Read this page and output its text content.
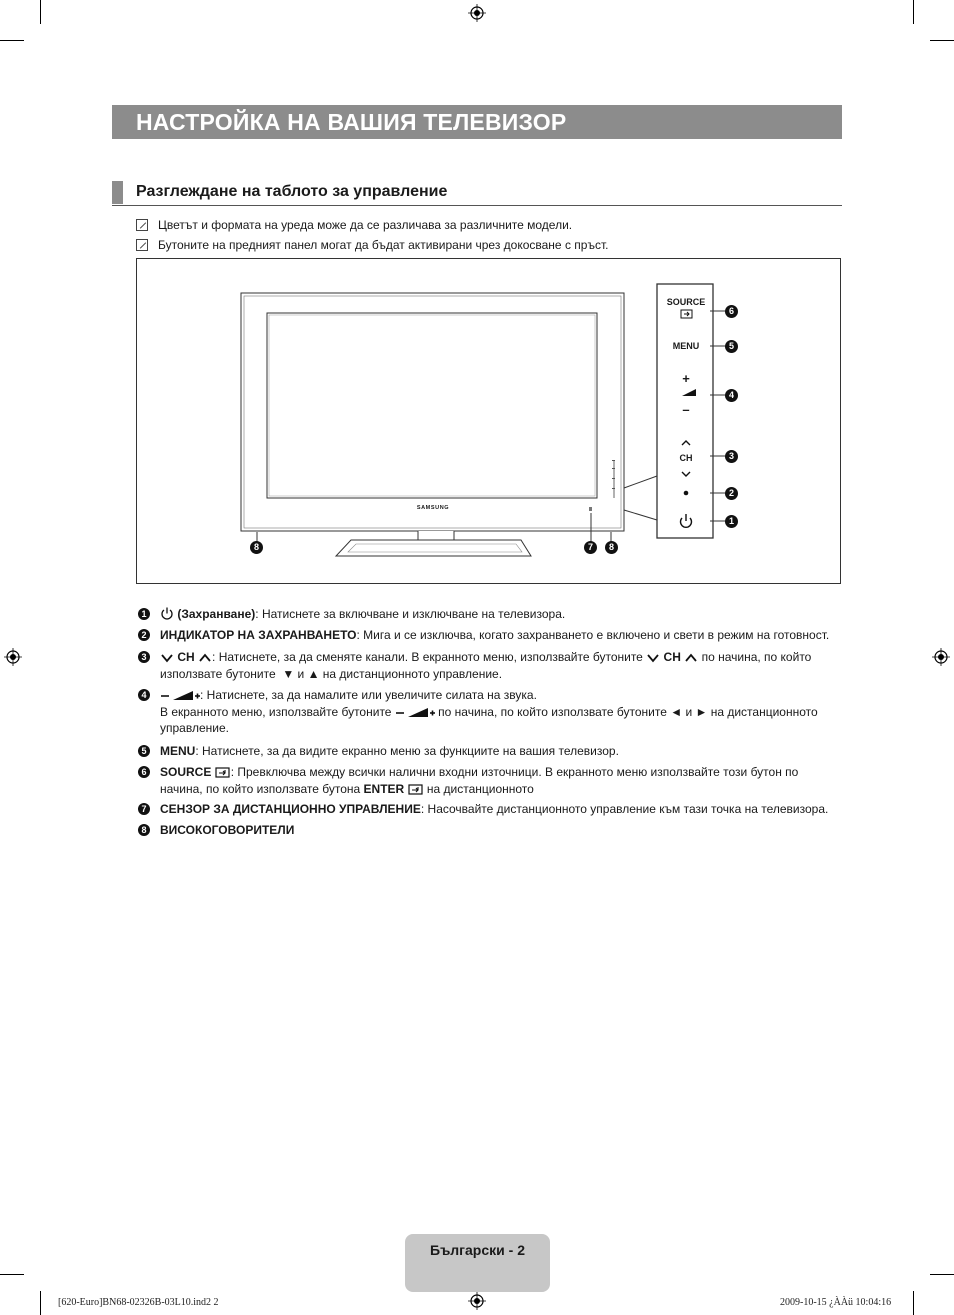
НАСТРОЙКА НА ВАШИЯ ТЕЛЕВИЗОР
Разглеждане на таблото за управление
Цветът и формата на уреда може да се различава за различните модели.
Бутоните на предният панел могат да бъдат активирани чрез докосване с пръст.
SAMSUNG
SOURCE
MENU
+
–
CH
6
5
4
3
2
1
8	7	8
1	(Захранване): Натиснете за включване и изключване на телевизора.
2 ИНДИКАТОР НА ЗАХРАНВАНЕТО: Мига и се изключва, когато захранването е включено и свети в режим на готовност.
3	CH : Натиснете, за да сменяте канали. В екранното меню, използвайте бутоните CH по начина, по който
използвате бутоните ▼ и ▲ на дистанционното управление.
4	: Натиснете, за да намалите или увеличите силата на звука.
В екранното меню, използвайте бутоните	по начина, по който използвате бутоните ◄ и ► на дистанционното
управление.
5 MENU: Натиснете, за да видите екранно меню за функциите на вашия телевизор.
6 SOURCE : Превключва между всички налични входни източници. В екранното меню използвайте този бутон по
начина, по който използвате бутона ENTER на дистанционното
7 СЕНЗОР ЗА ДИСТАНЦИОННО УПРАВЛЕНИЕ: Насочвайте дистанционното управление към тази точка на телевизора.
8 ВИСОКОГОВОРИТЕЛИ
Български - 2
[620-Euro]BN68-02326B-03L10.ind2 2	2009-10-15 ¿ÀÀü 10:04:16
